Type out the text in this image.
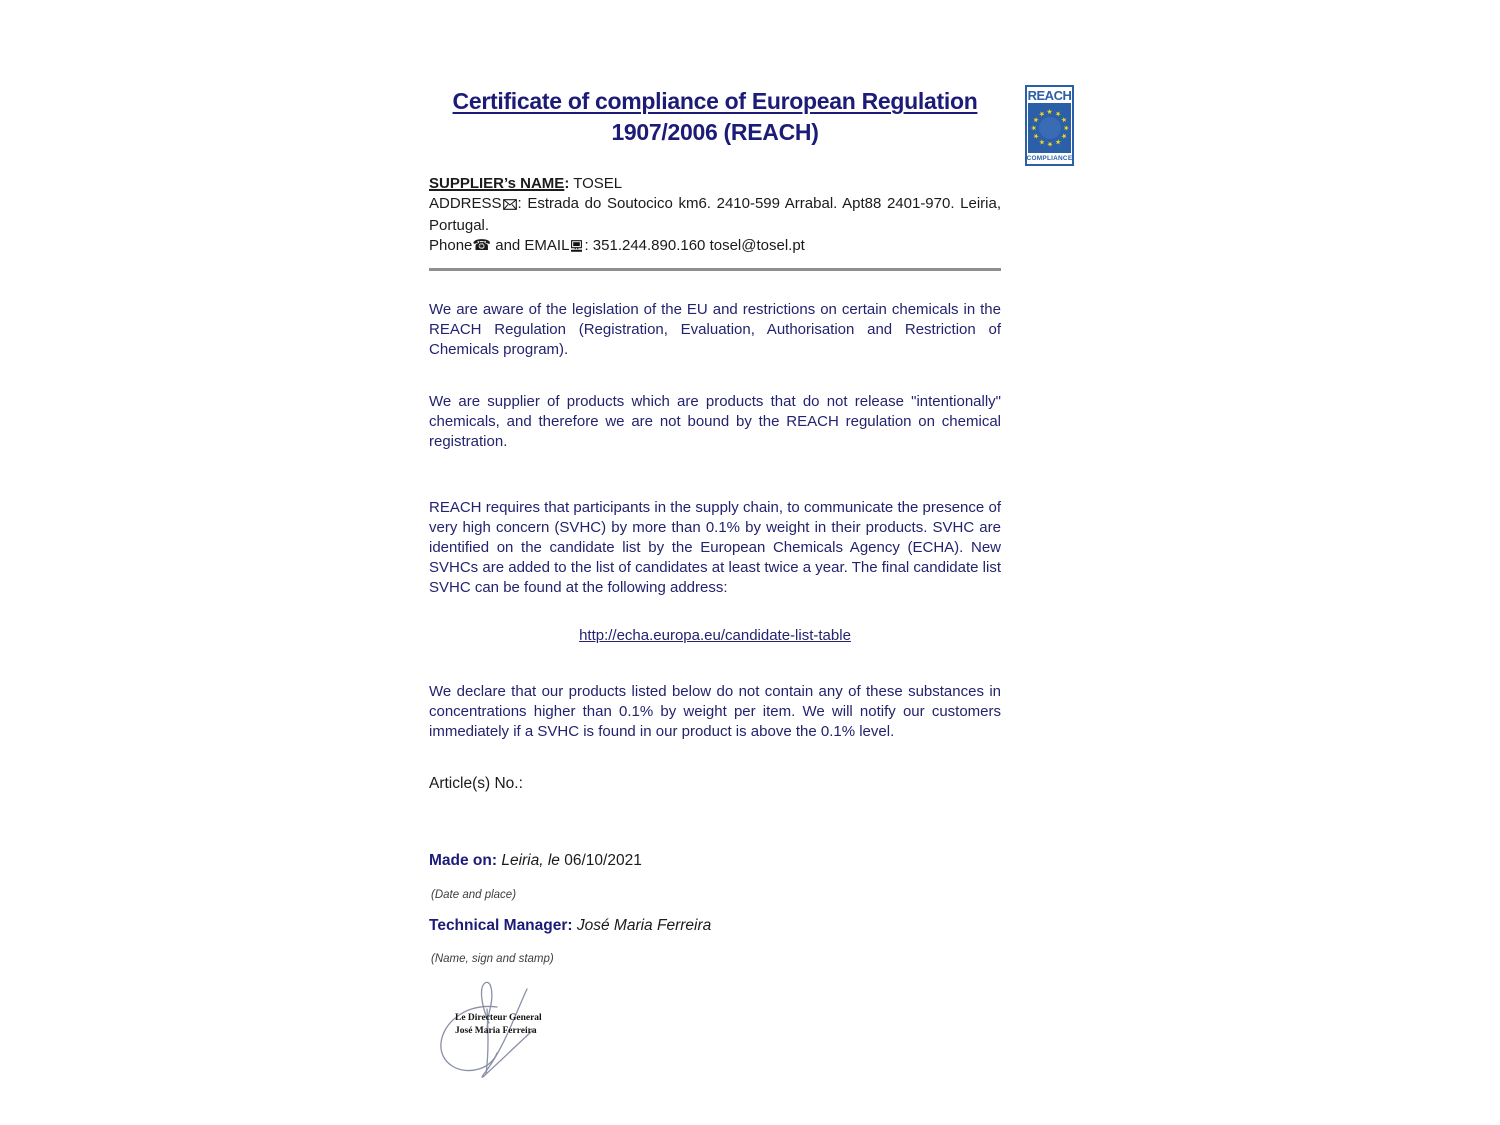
REACH
★ ★
★
★
★
★
★
★
★
★
★
★
COMPLIANCE
Certificate of compliance of European Regulation
1907/2006 (REACH)

SUPPLIER’s NAME: TOSEL

ADDRESS : Estrada do Soutocico km6. 2410-599 Arrabal. Apt88 2401-970. Leiria, Portugal.

Phone☎ and EMAIL : 351.244.890.160 tosel@tosel.pt

We are aware of the legislation of the EU and restrictions on certain chemicals in the REACH Regulation (Registration, Evaluation, Authorisation and Restriction of Chemicals program).

We are supplier of products which are products that do not release "intentionally" chemicals, and therefore we are not bound by the REACH regulation on chemical registration.

REACH requires that participants in the supply chain, to communicate the presence of very high concern (SVHC) by more than 0.1% by weight in their products. SVHC are identified on the candidate list by the European Chemicals Agency (ECHA). New SVHCs are added to the list of candidates at least twice a year. The final candidate list SVHC can be found at the following address:

http://echa.europa.eu/candidate-list-table

We declare that our products listed below do not contain any of these substances in concentrations higher than 0.1% by weight per item. We will notify our customers immediately if a SVHC is found in our product is above the 0.1% level.

Article(s) No.:

Made on: Leiria, le 06/10/2021

(Date and place)

Technical Manager: José Maria Ferreira

(Name, sign and stamp)

Le Directeur General
José Maria Ferreira
